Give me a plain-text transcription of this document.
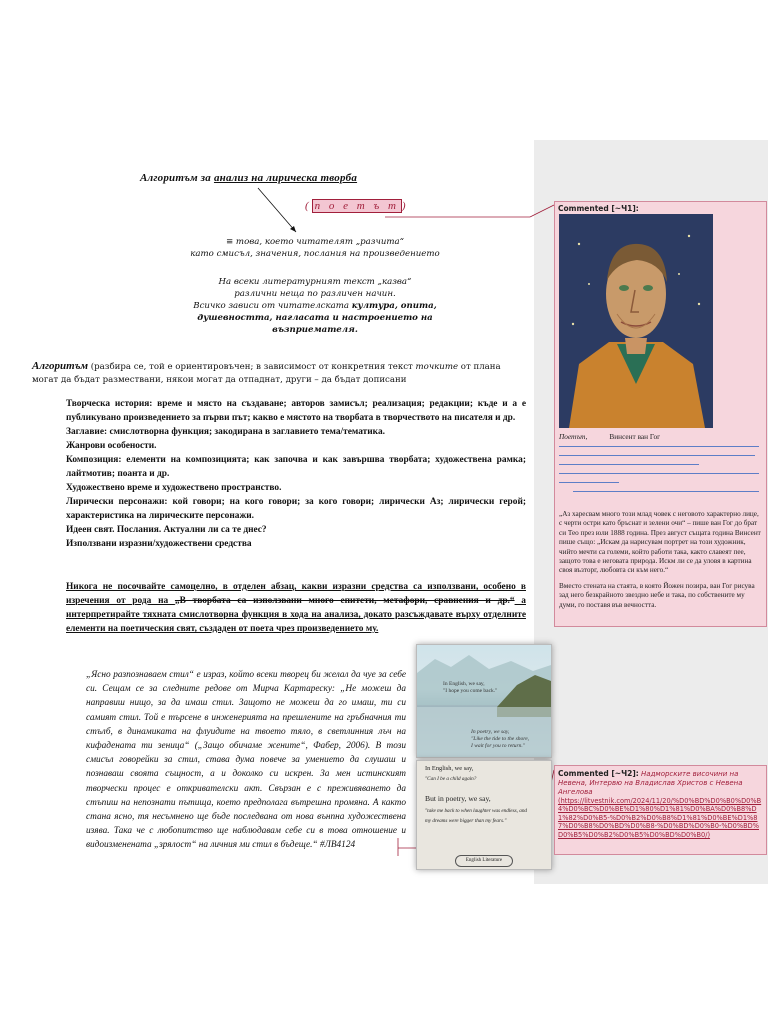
Алгоритъм за анализ на лирическа творба
( п о е т ъ т )
≡ това, което читателят „разчита“
като смисъл, значения, послания на произведението
На всеки литературният текст „казва“
различни неща по различен начин.
Всичко зависи от читателската култура, опита,
душевността, нагласата и настроението на
възприемателя.
Алгоритъм (разбира се, той е ориентировъчен; в зависимост от конкретния текст точките от плана могат да бъдат размествани, някои могат да отпаднат, други – да бъдат дописани
Творческа история: време и място на създаване; авторов замисъл; реализация; редакции; къде и а е публикувано произведението за първи път; какво е мястото на творбата в творчеството на писателя и др.
Заглавие: смислотворна функция; закодирана в заглавието тема/тематика.
Жанрови особености.
Композиция: елементи на композицията; как започва и как завършва творбата; художествена рамка; лайтмотив; поанта и др.
Художествено време и художествено пространство.
Лирически персонажи: кой говори; на кого говори; за кого говори; лирически Аз; лирически герой; характеристика на лирическите персонажи.
Идеен свят. Послания. Актуални ли са те днес?
Използвани изразни/художествени средства
Никога не посочвайте самоцелно, в отделен абзац, какви изразни средства са използвани, особено в изречения от рода на „В творбата са използвани много епитети, метафори, сравнения и др.“ а интерпретирайте тяхната смислотворна функция в хода на анализа, докато разсъждавате върху отделните елементи на поетическия свят, създаден от поета чрез произведението му.
„Ясно разпознаваем стил“ е израз, който всеки творец би желал да чуе за себе си. Сещам се за следните редове от Мирча Картареску: „Не можеш да направиш нищо, за да имаш стил. Защото не можеш да го имаш, ти си самият стил. Той е търсене в инженерията на прешлените на гръбначния ти стълб, в динамиката на флуидите на твоето тяло, в светлинния лъч на кифадената ти зеница“ („Защо обичаме жените“, Фабер, 2006). В този смисъл говорейки за стил, става дума повече за умението да слушаш и познаваш своята същност, а и доколко си искрен. За мен истинският творчески процес е откривателски акт. Свързан е с преживяването да стъпиш на непознати пътища, което предполага вътрешна промяна. А както стана ясно, тя несъмнено ще бъде последвана от нова вънпна художествена изява. Така че с любопитство ще наблюдавам себе си в това отношение и видоизменената „зрялост“ на личния ми стил в бъдеще.“ #ЛВ4124
In English, we say,
"I hope you come back."
In poetry, we say,
"Like the tide to the shore,
I wait for you to return."
In English, we say,
"Can I be a child again?
But in poetry, we say,
"take me back to when laughter was endless, and
my dreams were bigger than my fears."
English Literature
Commented [~Ч1]:
Поетът,	Винсент ван Гог

„Аз харесвам много този млад човек с неговото характерно лице, с черти остри като бръснат и зелени очи“ – пише ван Гог до брат си Тео през юли 1888 година. През август същата година Винсент пише също: „Искам да нарисувам портрет на този художник, чийто мечти са големи, който работи така, както славеят пее, защото това е неговата природа. Искм ли се да уловя в картина своя възторг, любовта си към него.“

Вместо стената на стаята, в която Йожен позира, ван Гог рисува зад него безкрайното звездно небе и така, по собствените му думи, го поставя във вечността.

Commented [~Ч2]: Надморските височини на Невена, Интервю на Владислав Христов с Невена Ангелова
(https://litvestnik.com/2024/11/20/%D0%BD%D0%B0%D0%B4%D0%BC%D0%BE%D1%80%D1%81%D0%BA%D0%B8%D1%82%D0%B5-%D0%B2%D0%B8%D1%81%D0%BE%D1%87%D0%B8%D0%BD%D0%B8-%D0%BD%D0%B0-%D0%BD%D0%B5%D0%B2%D0%B5%D0%BD%D0%B0/)
